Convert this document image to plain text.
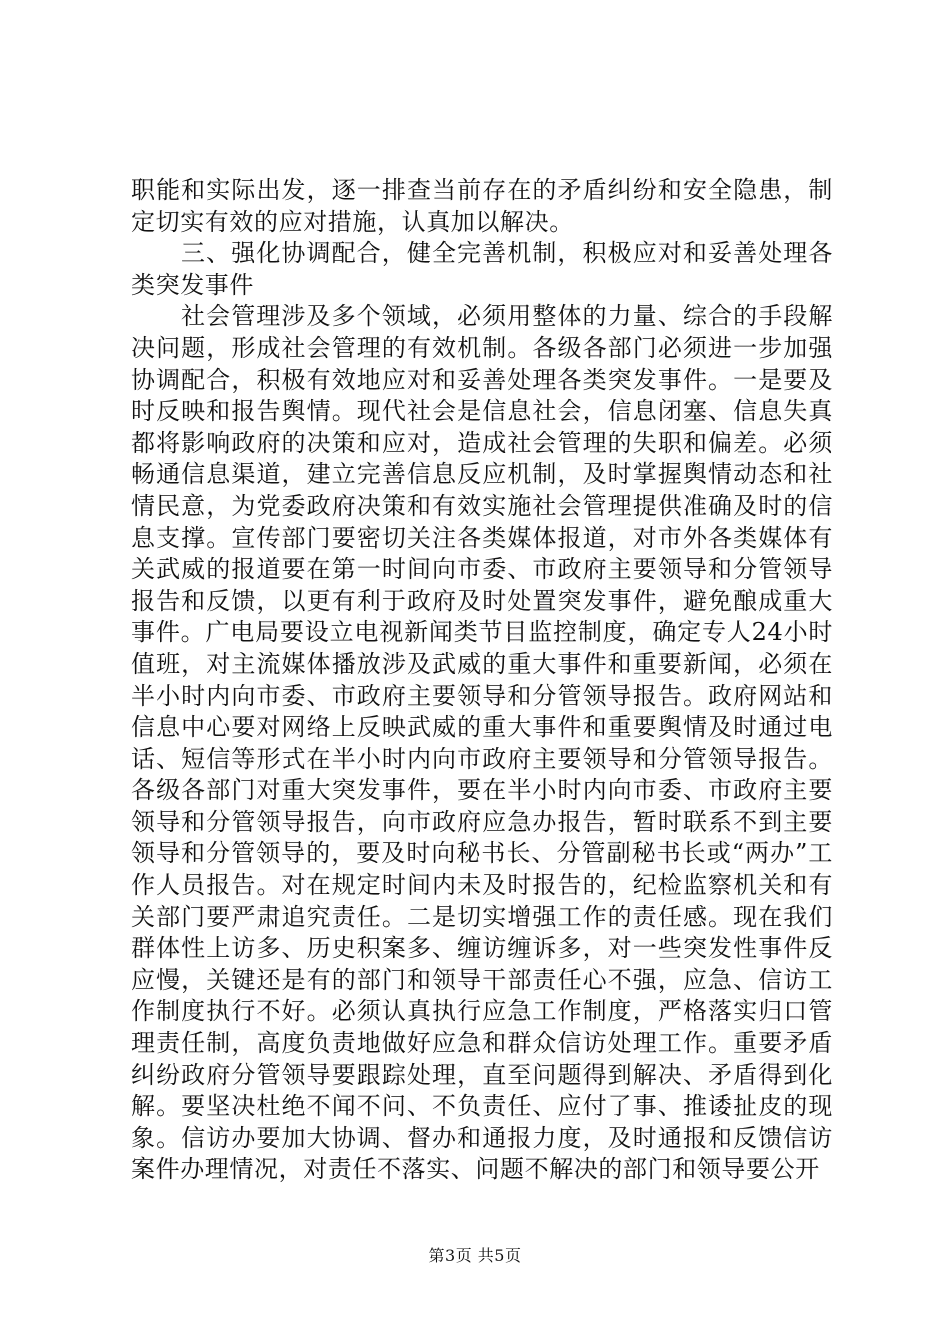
职能和实际出发，逐一排查当前存在的矛盾纠纷和安全隐患，制定切实有效的应对措施，认真加以解决。

三、强化协调配合，健全完善机制，积极应对和妥善处理各类突发事件

社会管理涉及多个领域，必须用整体的力量、综合的手段解决问题，形成社会管理的有效机制。各级各部门必须进一步加强协调配合，积极有效地应对和妥善处理各类突发事件。一是要及时反映和报告舆情。现代社会是信息社会，信息闭塞、信息失真都将影响政府的决策和应对，造成社会管理的失职和偏差。必须畅通信息渠道，建立完善信息反应机制，及时掌握舆情动态和社情民意，为党委政府决策和有效实施社会管理提供准确及时的信息支撑。宣传部门要密切关注各类媒体报道，对市外各类媒体有关武威的报道要在第一时间向市委、市政府主要领导和分管领导报告和反馈，以更有利于政府及时处置突发事件，避免酿成重大事件。广电局要设立电视新闻类节目监控制度，确定专人24小时值班，对主流媒体播放涉及武威的重大事件和重要新闻，必须在半小时内向市委、市政府主要领导和分管领导报告。政府网站和信息中心要对网络上反映武威的重大事件和重要舆情及时通过电话、短信等形式在半小时内向市政府主要领导和分管领导报告。各级各部门对重大突发事件，要在半小时内向市委、市政府主要领导和分管领导报告，向市政府应急办报告，暂时联系不到主要领导和分管领导的，要及时向秘书长、分管副秘书长或“两办”工作人员报告。对在规定时间内未及时报告的，纪检监察机关和有关部门要严肃追究责任。二是切实增强工作的责任感。现在我们群体性上访多、历史积案多、缠访缠诉多，对一些突发性事件反应慢，关键还是有的部门和领导干部责任心不强，应急、信访工作制度执行不好。必须认真执行应急工作制度，严格落实归口管理责任制，高度负责地做好应急和群众信访处理工作。重要矛盾纠纷政府分管领导要跟踪处理，直至问题得到解决、矛盾得到化解。要坚决杜绝不闻不问、不负责任、应付了事、推诿扯皮的现象。信访办要加大协调、督办和通报力度，及时通报和反馈信访案件办理情况，对责任不落实、问题不解决的部门和领导要公开

第3页 共5页
